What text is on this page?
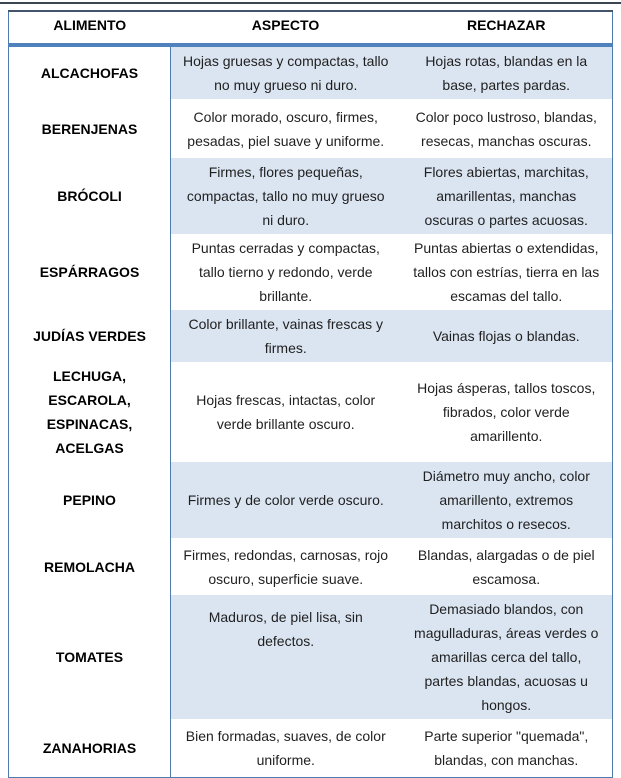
ALIMENTO	ASPECTO	RECHAZAR
ALCACHOFAS	Hojas gruesas y compactas, tallo no muy grueso ni duro.	Hojas rotas, blandas en la base, partes pardas.
BERENJENAS	Color morado, oscuro, firmes, pesadas, piel suave y uniforme.	Color poco lustroso, blandas, resecas, manchas oscuras.
BRÓCOLI	Firmes, flores pequeñas, compactas, tallo no muy grueso ni duro.	Flores abiertas, marchitas, amarillentas, manchas oscuras o partes acuosas.
ESPÁRRAGOS	Puntas cerradas y compactas, tallo tierno y redondo, verde brillante.	Puntas abiertas o extendidas, tallos con estrías, tierra en las escamas del tallo.
JUDÍAS VERDES	Color brillante, vainas frescas y firmes.	Vainas flojas o blandas.
LECHUGA, ESCAROLA, ESPINACAS, ACELGAS	Hojas frescas, intactas, color verde brillante oscuro.	Hojas ásperas, tallos toscos, fibrados, color verde amarillento.
PEPINO	Firmes y de color verde oscuro.	Diámetro muy ancho, color amarillento, extremos marchitos o resecos.
REMOLACHA	Firmes, redondas, carnosas, rojo oscuro, superficie suave.	Blandas, alargadas o de piel escamosa.
TOMATES	Maduros, de piel lisa, sin defectos.	Demasiado blandos, con magulladuras, áreas verdes o amarillas cerca del tallo, partes blandas, acuosas u hongos.
ZANAHORIAS	Bien formadas, suaves, de color uniforme.	Parte superior "quemada", blandas, con manchas.
